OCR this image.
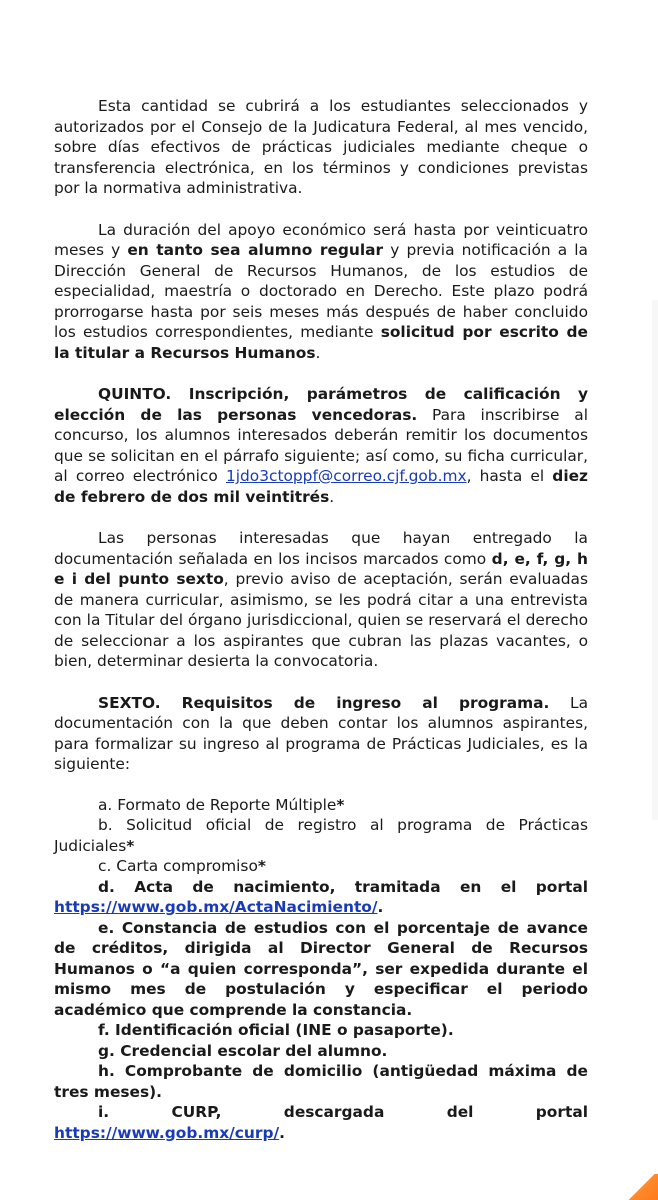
Esta cantidad se cubrirá a los estudiantes seleccionados y autorizados por el Consejo de la Judicatura Federal, al mes vencido, sobre días efectivos de prácticas judiciales mediante cheque o transferencia electrónica, en los términos y condiciones previstas por la normativa administrativa.

La duración del apoyo económico será hasta por veinticuatro meses y en tanto sea alumno regular y previa notificación a la Dirección General de Recursos Humanos, de los estudios de especialidad, maestría o doctorado en Derecho. Este plazo podrá prorrogarse hasta por seis meses más después de haber concluido los estudios correspondientes, mediante solicitud por escrito de la titular a Recursos Humanos.

QUINTO. Inscripción, parámetros de calificación y elección de las personas vencedoras. Para inscribirse al concurso, los alumnos interesados deberán remitir los documentos que se solicitan en el párrafo siguiente; así como, su ficha curricular, al correo electrónico 1jdo3ctoppf@correo.cjf.gob.mx, hasta el diez de febrero de dos mil veintitrés.

Las personas interesadas que hayan entregado la documentación señalada en los incisos marcados como d, e, f, g, h e i del punto sexto, previo aviso de aceptación, serán evaluadas de manera curricular, asimismo, se les podrá citar a una entrevista con la Titular del órgano jurisdiccional, quien se reservará el derecho de seleccionar a los aspirantes que cubran las plazas vacantes, o bien, determinar desierta la convocatoria.

SEXTO. Requisitos de ingreso al programa. La documentación con la que deben contar los alumnos aspirantes, para formalizar su ingreso al programa de Prácticas Judiciales, es la siguiente:

a. Formato de Reporte Múltiple*

b. Solicitud oficial de registro al programa de Prácticas Judiciales*

c. Carta compromiso*

d. Acta de nacimiento, tramitada en el portal https://www.gob.mx/ActaNacimiento/.

e. Constancia de estudios con el porcentaje de avance de créditos, dirigida al Director General de Recursos Humanos o “a quien corresponda”, ser expedida durante el mismo mes de postulación y especificar el periodo académico que comprende la constancia.

f. Identificación oficial (INE o pasaporte).

g. Credencial escolar del alumno.

h. Comprobante de domicilio (antigüedad máxima de tres meses).

i. CURP, descargada del portal

https://www.gob.mx/curp/.
